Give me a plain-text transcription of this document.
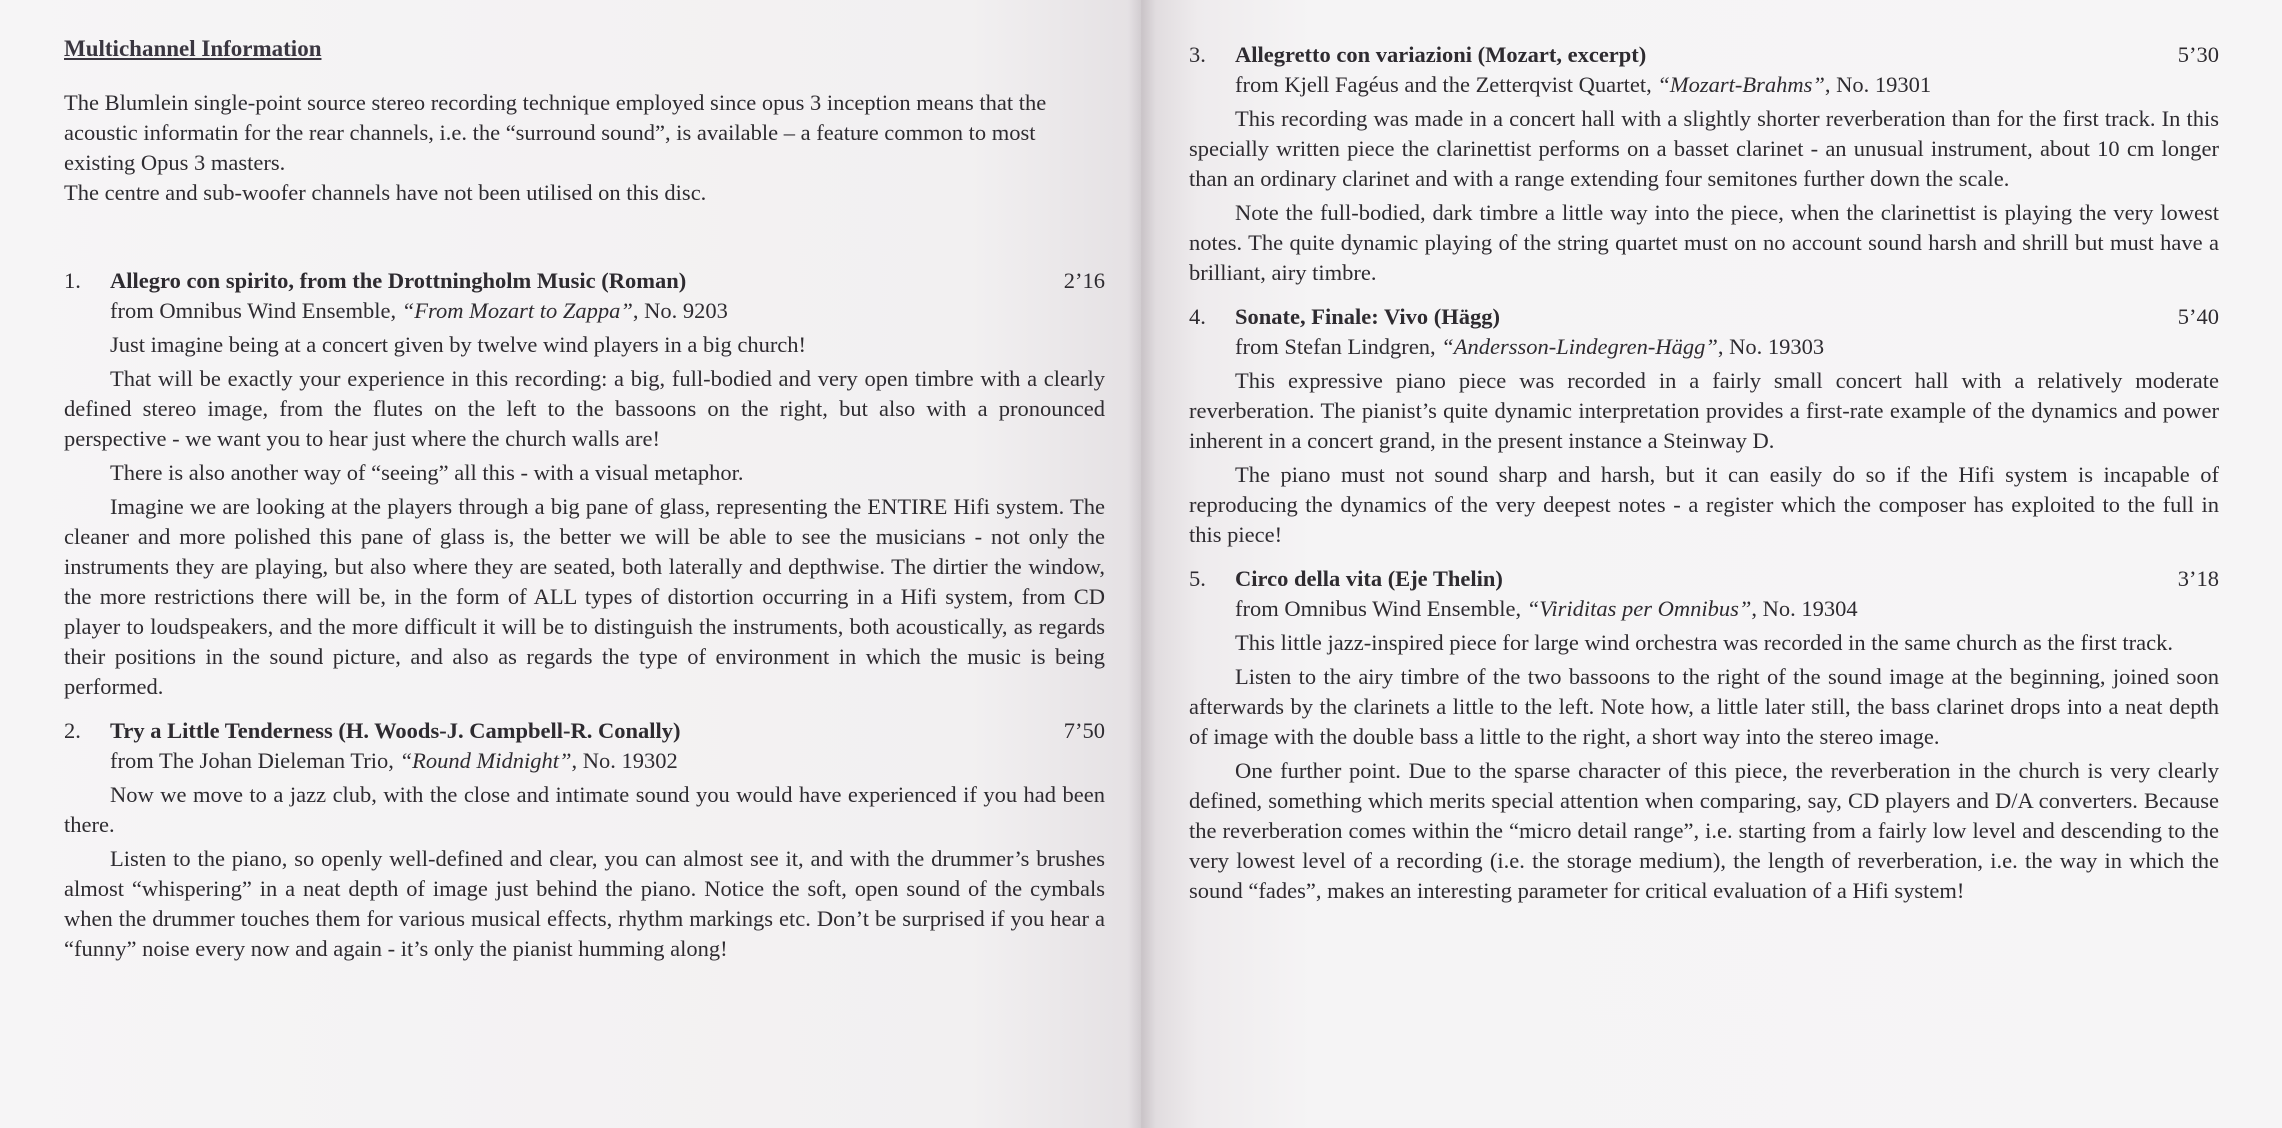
Multichannel Information

The Blumlein single-point source stereo recording technique employed since opus 3 inception means that the acoustic informatin for the rear channels, i.e. the “surround sound”, is available – a feature common to most existing Opus 3 masters.

The centre and sub-woofer channels have not been utilised on this disc.

1.	Allegro con spirito, from the Drottningholm Music (Roman)	2’16
from Omnibus Wind Ensemble, “From Mozart to Zappa”, No. 9203

Just imagine being at a concert given by twelve wind players in a big church!

That will be exactly your experience in this recording: a big, full-bodied and very open timbre with a clearly defined stereo image, from the flutes on the left to the bassoons on the right, but also with a pronounced perspective - we want you to hear just where the church walls are!

There is also another way of “seeing” all this - with a visual metaphor.

Imagine we are looking at the players through a big pane of glass, representing the ENTIRE Hifi system. The cleaner and more polished this pane of glass is, the better we will be able to see the musicians - not only the instruments they are playing, but also where they are seated, both laterally and depthwise. The dirtier the window, the more restrictions there will be, in the form of ALL types of distortion occurring in a Hifi system, from CD player to loudspeakers, and the more difficult it will be to distinguish the instruments, both acoustically, as regards their positions in the sound picture, and also as regards the type of environment in which the music is being performed.

2.	Try a Little Tenderness (H. Woods-J. Campbell-R. Conally)	7’50
from The Johan Dieleman Trio, “Round Midnight”, No. 19302

Now we move to a jazz club, with the close and intimate sound you would have experienced if you had been there.

Listen to the piano, so openly well-defined and clear, you can almost see it, and with the drummer’s brushes almost “whispering” in a neat depth of image just behind the piano. Notice the soft, open sound of the cymbals when the drummer touches them for various musical effects, rhythm markings etc. Don’t be surprised if you hear a “funny” noise every now and again - it’s only the pianist humming along!

3.	Allegretto con variazioni (Mozart, excerpt)	5’30
from Kjell Fagéus and the Zetterqvist Quartet, “Mozart-Brahms”, No. 19301

This recording was made in a concert hall with a slightly shorter reverberation than for the first track. In this specially written piece the clarinettist performs on a basset clarinet - an unusual instrument, about 10 cm longer than an ordinary clarinet and with a range extending four semitones further down the scale.

Note the full-bodied, dark timbre a little way into the piece, when the clarinettist is playing the very lowest notes. The quite dynamic playing of the string quartet must on no account sound harsh and shrill but must have a brilliant, airy timbre.

4.	Sonate, Finale: Vivo (Hägg)	5’40
from Stefan Lindgren, “Andersson-Lindegren-Hägg”, No. 19303

This expressive piano piece was recorded in a fairly small concert hall with a relatively moderate reverberation. The pianist’s quite dynamic interpretation provides a first-rate example of the dynamics and power inherent in a concert grand, in the present instance a Steinway D.

The piano must not sound sharp and harsh, but it can easily do so if the Hifi system is incapable of reproducing the dynamics of the very deepest notes - a register which the composer has exploited to the full in this piece!

5.	Circo della vita (Eje Thelin)	3’18
from Omnibus Wind Ensemble, “Viriditas per Omnibus”, No. 19304

This little jazz-inspired piece for large wind orchestra was recorded in the same church as the first track.

Listen to the airy timbre of the two bassoons to the right of the sound image at the beginning, joined soon afterwards by the clarinets a little to the left. Note how, a little later still, the bass clarinet drops into a neat depth of image with the double bass a little to the right, a short way into the stereo image.

One further point. Due to the sparse character of this piece, the reverberation in the church is very clearly defined, something which merits special attention when comparing, say, CD players and D/A converters. Because the reverberation comes within the “micro detail range”, i.e. starting from a fairly low level and descending to the very lowest level of a recording (i.e. the storage medium), the length of reverberation, i.e. the way in which the sound “fades”, makes an interesting parameter for critical evaluation of a Hifi system!
